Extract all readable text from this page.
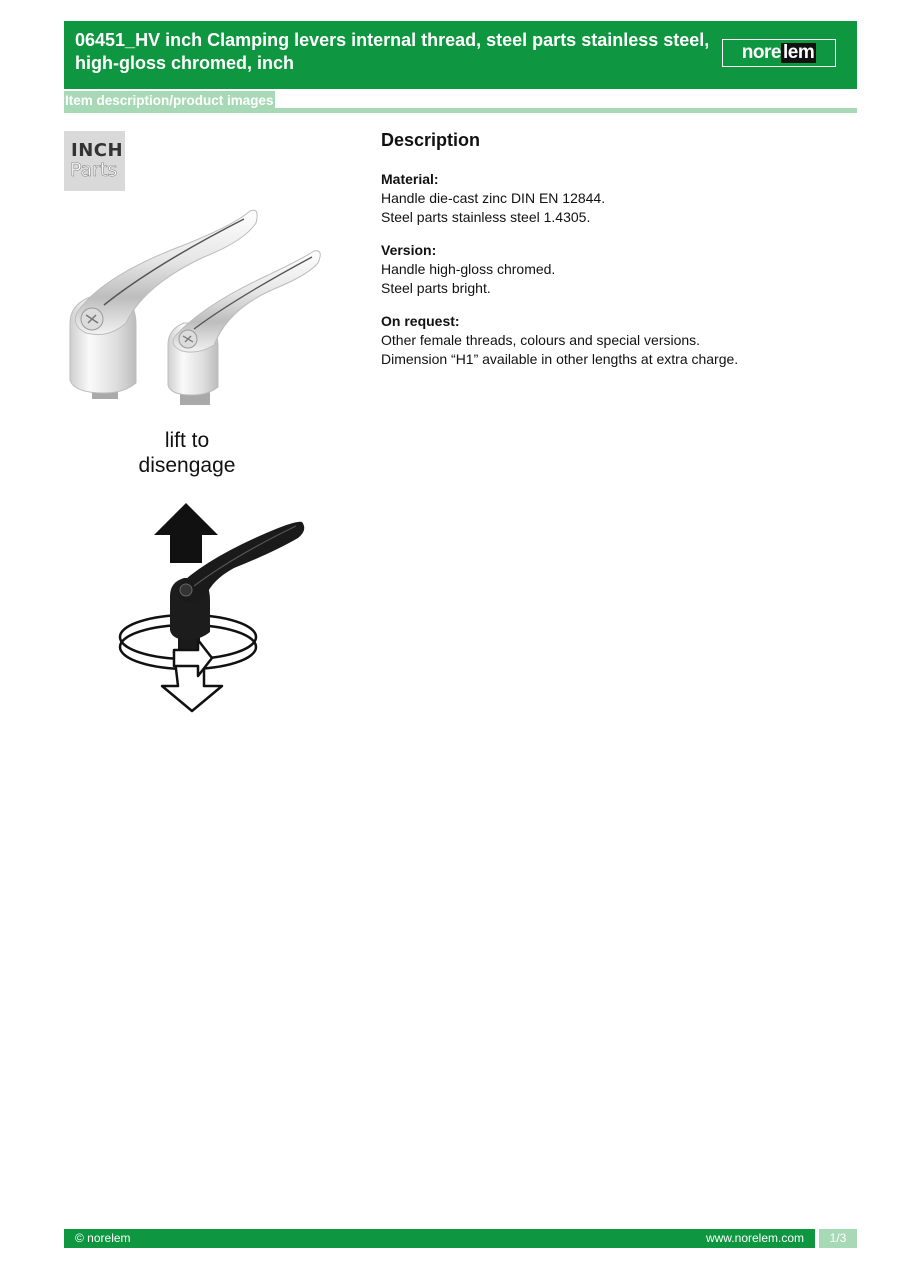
06451_HV inch Clamping levers internal thread, steel parts stainless steel, high-gloss chromed, inch	nore lem
Item description/product images
INCH
Parts
lift to disengage
Description
Material:
Handle die-cast zinc DIN EN 12844.
Steel parts stainless steel 1.4305.
Version:
Handle high-gloss chromed.
Steel parts bright.
On request:
Other female threads, colours and special versions.
Dimension “H1” available in other lengths at extra charge.
© norelem	www.norelem.com	1/3
